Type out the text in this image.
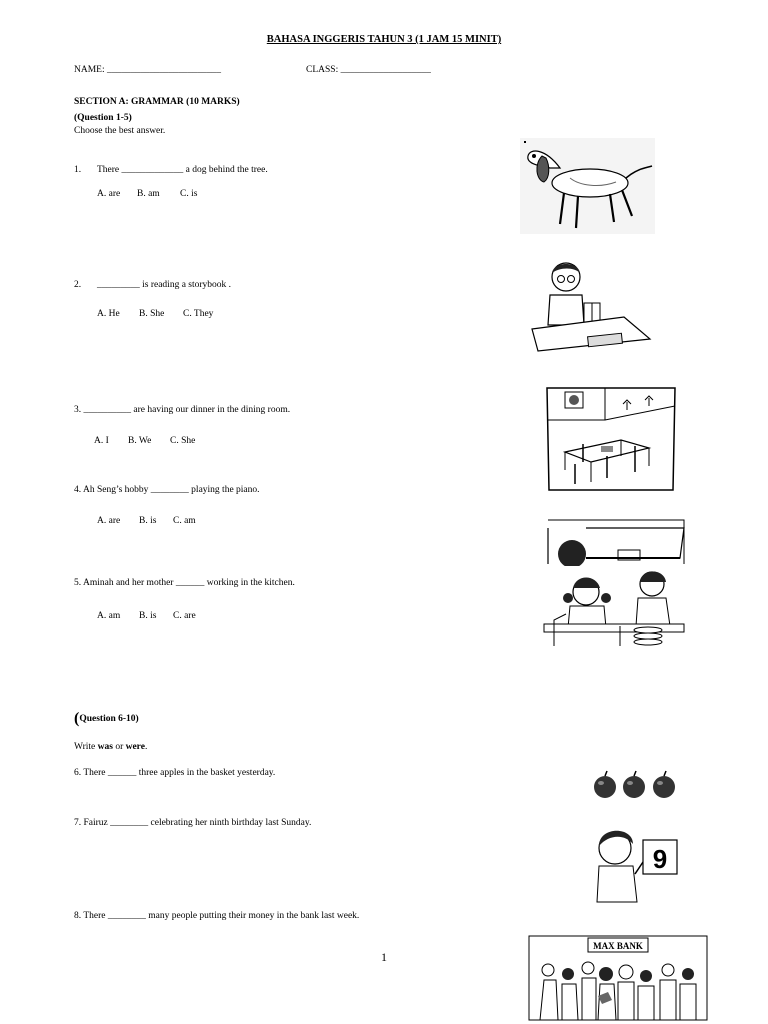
BAHASA INGGERIS TAHUN 3 (1 JAM 15 MINIT)
NAME: ________________________	CLASS: ___________________
SECTION A: GRAMMAR (10 MARKS)
(Question 1-5)
Choose the best answer.
1. There _____________ a dog behind the tree.
A. are B. am C. is
2. _________ is reading a storybook .
A. He B. She C. They
3. __________ are having our dinner in the dining room.
A. I B. We C. She
4. Ah Seng’s hobby ________ playing the piano.
A. are B. is C. am
5. Aminah and her mother ______ working in the kitchen.
A. am B. is C. are
(Question 6-10)
Write was or were.
6. There ______ three apples in the basket yesterday.
7. Fairuz ________ celebrating her ninth birthday last Sunday.
8. There ________ many people putting their money in the bank last week.
1
9
MAX BANK
